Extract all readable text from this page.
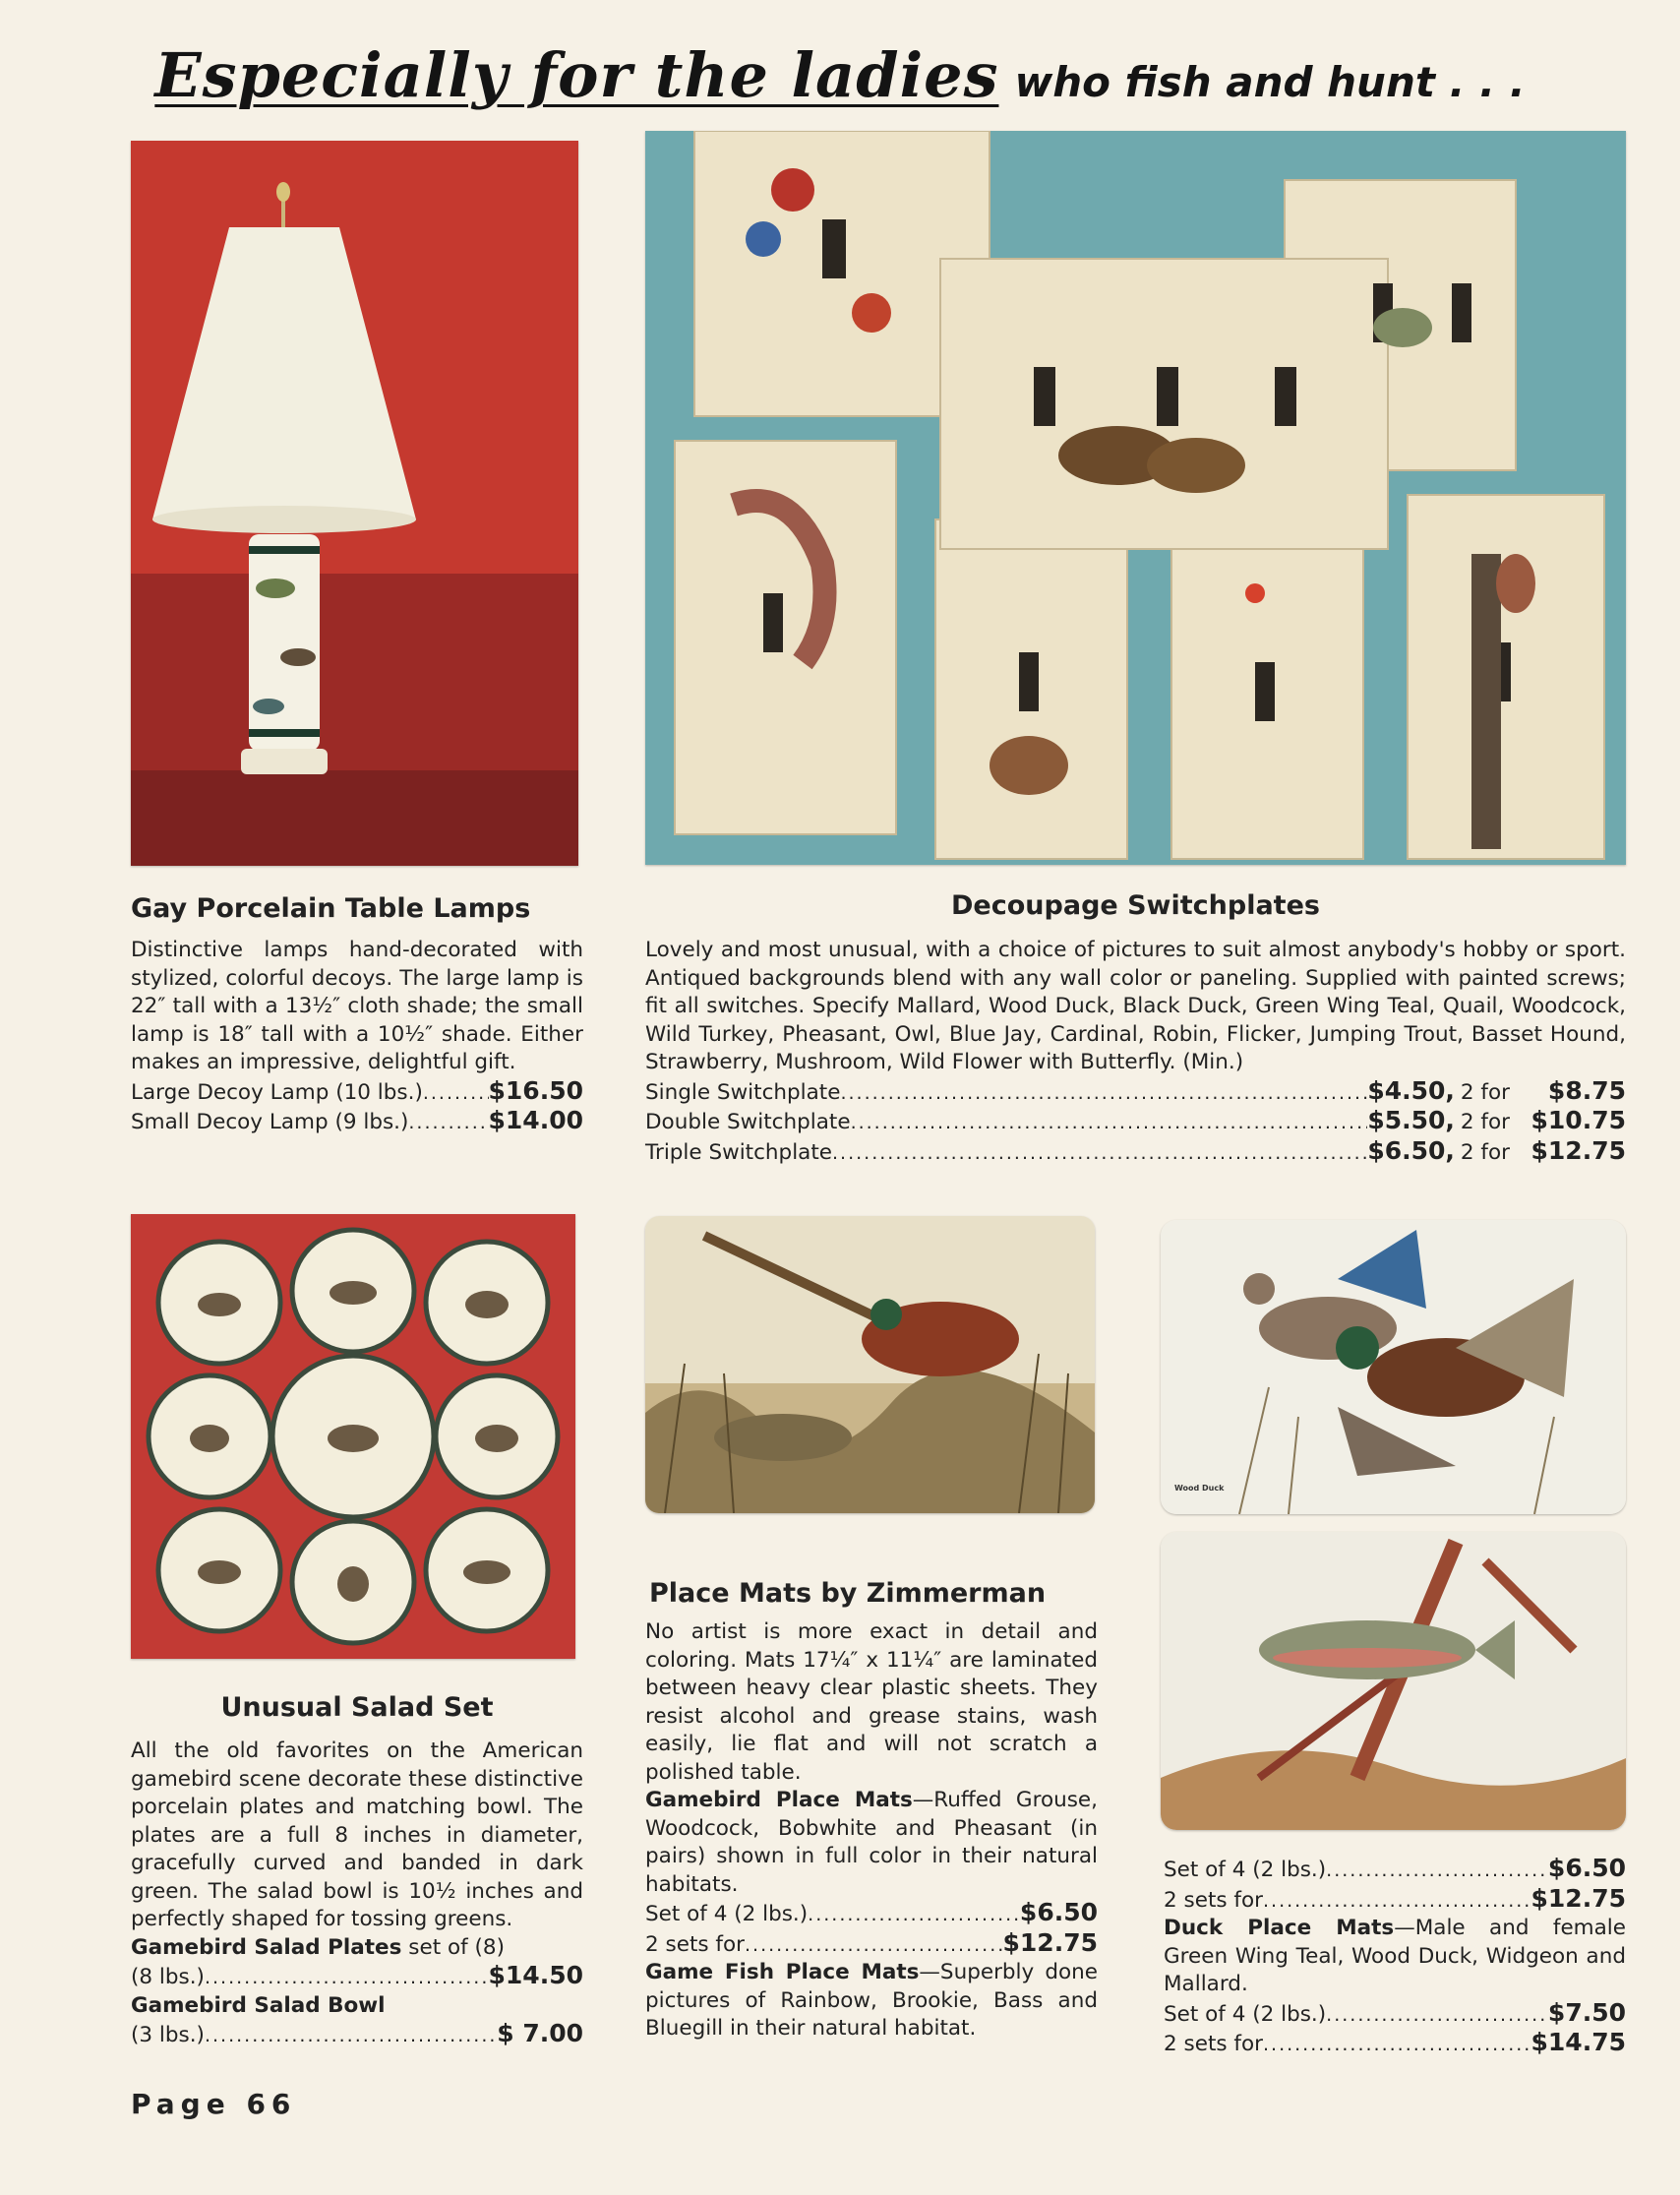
Especially for the ladies who fish and hunt . . .
Gay Porcelain Table Lamps

Distinctive lamps hand-decorated with stylized, colorful decoys. The large lamp is 22″ tall with a 13½″ cloth shade; the small lamp is 18″ tall with a 10½″ shade. Either makes an impressive, delightful gift.

Large Decoy Lamp (10 lbs.) .....	$16.50
Small Decoy Lamp (9 lbs.) .....	$14.00
Decoupage Switchplates

Lovely and most unusual, with a choice of pictures to suit almost anybody's hobby or sport. Antiqued backgrounds blend with any wall color or paneling. Supplied with painted screws; fit all switches. Specify Mallard, Wood Duck, Black Duck, Green Wing Teal, Quail, Woodcock, Wild Turkey, Pheasant, Owl, Blue Jay, Cardinal, Robin, Flicker, Jumping Trout, Basset Hound, Strawberry, Mushroom, Wild Flower with Butterfly. (Min.)

Single Switchplate .....	$4.50, 2 for	$8.75
Double Switchplate .....	$5.50, 2 for $10.75
Triple Switchplate .....	$6.50, 2 for $12.75
Unusual Salad Set

All the old favorites on the American gamebird scene decorate these distinctive porcelain plates and matching bowl. The plates are a full 8 inches in diameter, gracefully curved and banded in dark green. The salad bowl is 10½ inches and perfectly shaped for tossing greens.

Gamebird Salad Plates set of (8)
(8 lbs.) .....	$14.50
Gamebird Salad Bowl
(3 lbs.) .....	$ 7.00
Wood Duck
Place Mats by Zimmerman

No artist is more exact in detail and coloring. Mats 17¼″ x 11¼″ are laminated between heavy clear plastic sheets. They resist alcohol and grease stains, wash easily, lie flat and will not scratch a polished table.

Gamebird Place Mats—Ruffed Grouse, Woodcock, Bobwhite and Pheasant (in pairs) shown in full color in their natural habitats.

Set of 4 (2 lbs.) .....	$6.50
2 sets for .....	$12.75

Game Fish Place Mats—Superbly done pictures of Rainbow, Brookie, Bass and Bluegill in their natural habitat.

Set of 4 (2 lbs.) .....	$6.50
2 sets for .....	$12.75

Duck Place Mats—Male and female Green Wing Teal, Wood Duck, Widgeon and Mallard.

Set of 4 (2 lbs.) .....	$7.50
2 sets for .....	$14.75
Page 66
